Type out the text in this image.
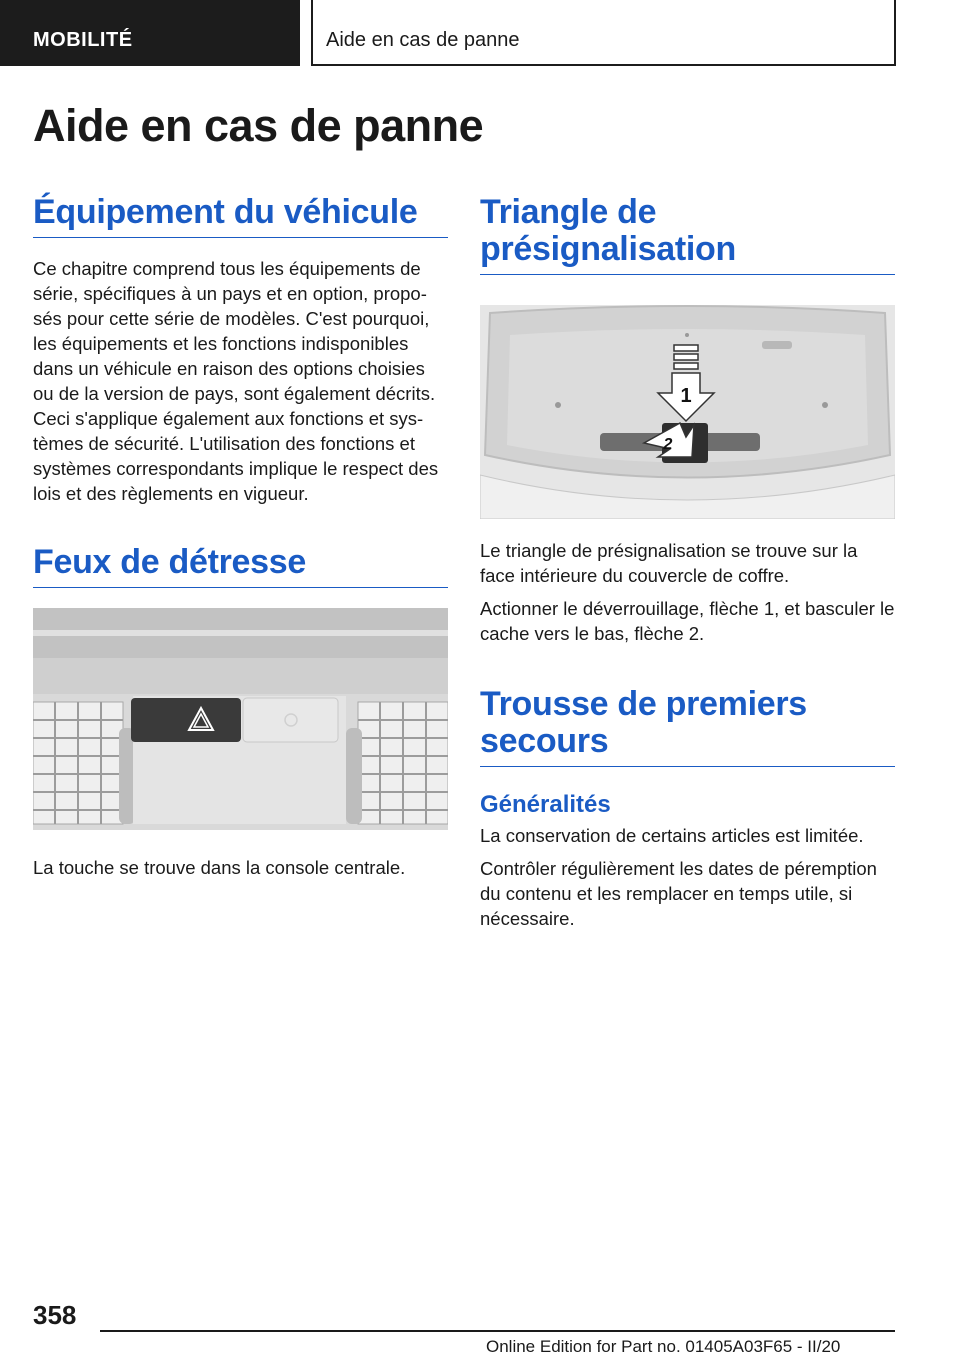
MOBILITÉ	Aide en cas de panne
Aide en cas de panne
Équipement du véhicule

Ce chapitre comprend tous les équipements de série, spécifiques à un pays et en option, proposés pour cette série de modèles. C'est pourquoi, les équipements et les fonctions indisponibles dans un véhicule en raison des options choisies ou de la version de pays, sont également décrits. Ceci s'applique également aux fonctions et systèmes de sécurité. L'utilisation des fonctions et systèmes correspondants implique le respect des lois et des règlements en vigueur.

Feux de détresse

La touche se trouve dans la console centrale.

Triangle de présignalisation
1
2

Le triangle de présignalisation se trouve sur la face intérieure du couvercle de coffre.

Actionner le déverrouillage, flèche 1, et basculer le cache vers le bas, flèche 2.

Trousse de premiers secours
Généralités

La conservation de certains articles est limitée.

Contrôler régulièrement les dates de péremption du contenu et les remplacer en temps utile, si nécessaire.

358
Online Edition for Part no. 01405A03F65 - II/20
